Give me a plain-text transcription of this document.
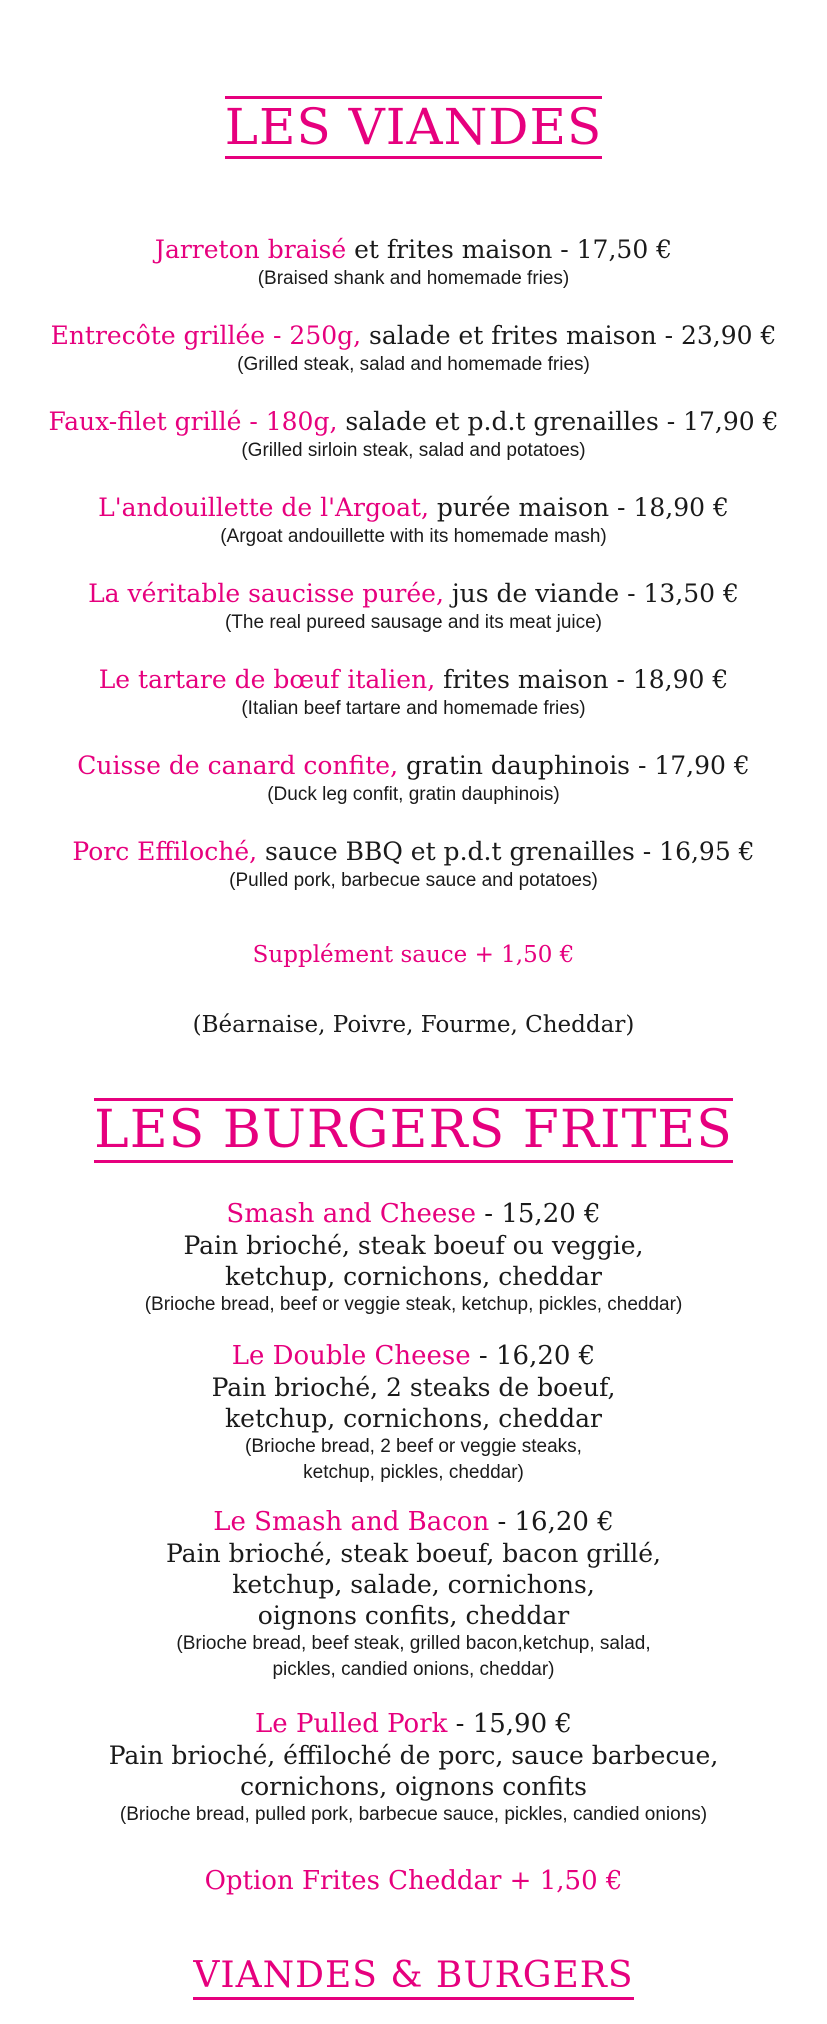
LES VIANDES
Jarreton braisé et frites maison - 17,50 €
(Braised shank and homemade fries)
Entrecôte grillée - 250g, salade et frites maison - 23,90 €
(Grilled steak, salad and homemade fries)
Faux-filet grillé - 180g, salade et p.d.t grenailles - 17,90 €
(Grilled sirloin steak, salad and potatoes)
L'andouillette de l'Argoat, purée maison - 18,90 €
(Argoat andouillette with its homemade mash)
La véritable saucisse purée, jus de viande - 13,50 €
(The real pureed sausage and its meat juice)
Le tartare de bœuf italien, frites maison - 18,90 €
(Italian beef tartare and homemade fries)
Cuisse de canard confite, gratin dauphinois - 17,90 €
(Duck leg confit, gratin dauphinois)
Porc Effiloché, sauce BBQ et p.d.t grenailles - 16,95 €
(Pulled pork, barbecue sauce and potatoes)
Supplément sauce + 1,50 €
(Béarnaise, Poivre, Fourme, Cheddar)
LES BURGERS FRITES
Smash and Cheese - 15,20 €
Pain brioché, steak boeuf ou veggie,
ketchup, cornichons, cheddar
(Brioche bread, beef or veggie steak, ketchup, pickles, cheddar)
Le Double Cheese - 16,20 €
Pain brioché, 2 steaks de boeuf,
ketchup, cornichons, cheddar
(Brioche bread, 2 beef or veggie steaks,
ketchup, pickles, cheddar)
Le Smash and Bacon - 16,20 €
Pain brioché, steak boeuf, bacon grillé,
ketchup, salade, cornichons,
oignons confits, cheddar
(Brioche bread, beef steak, grilled bacon,ketchup, salad,
pickles, candied onions, cheddar)
Le Pulled Pork - 15,90 €
Pain brioché, éffiloché de porc, sauce barbecue,
cornichons, oignons confits
(Brioche bread, pulled pork, barbecue sauce, pickles, candied onions)
Option Frites Cheddar + 1,50 €
VIANDES & BURGERS
